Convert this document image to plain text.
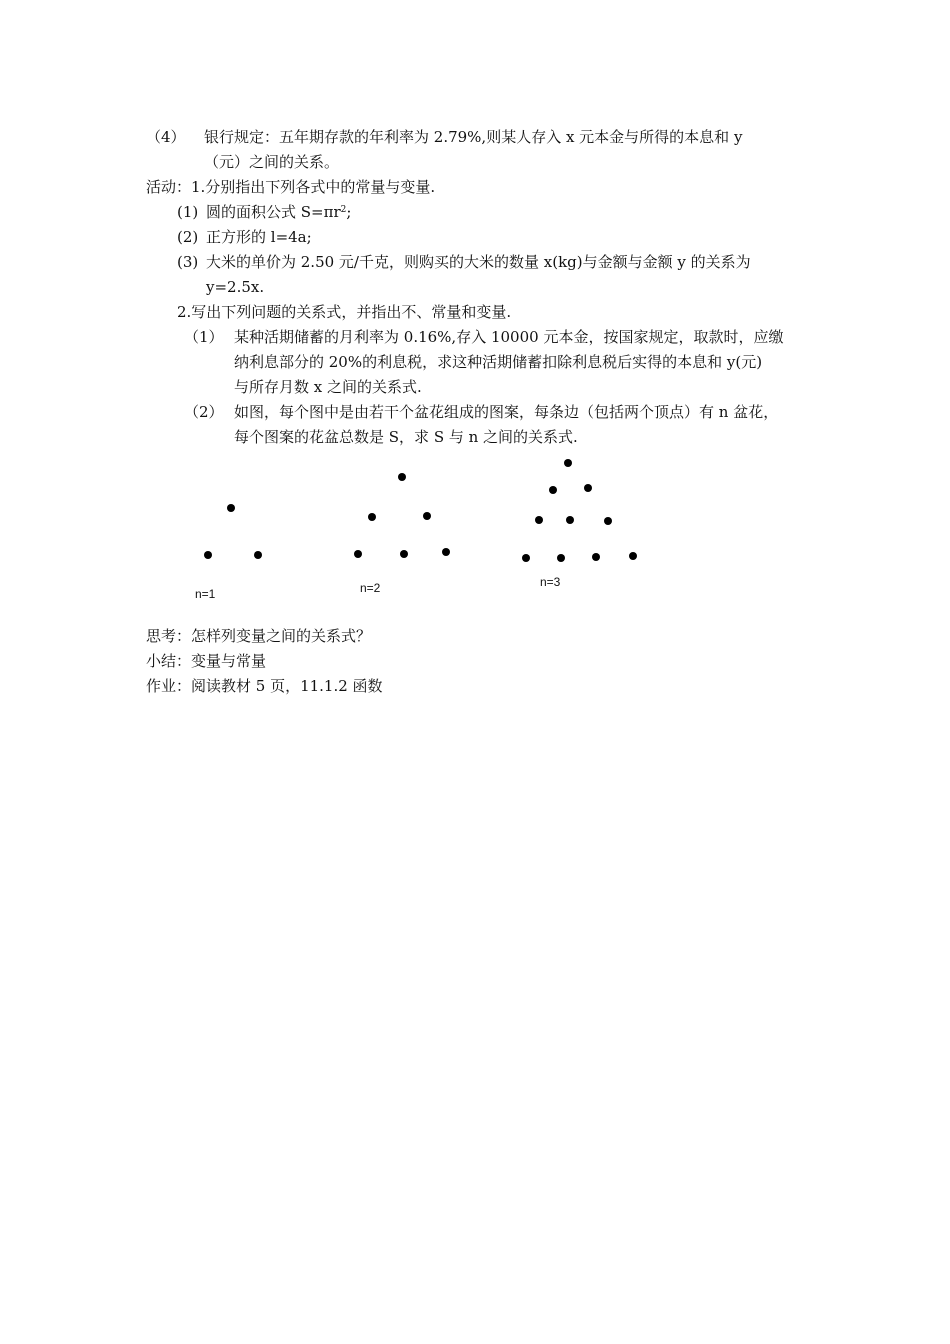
（4） 银行规定：五年期存款的年利率为 2.79%,则某人存入 x 元本金与所得的本息和 y
（元）之间的关系。
活动：1.分别指出下列各式中的常量与变量.
(1) 圆的面积公式 $S=\pi r^2$;
(2) 正方形的 l=4a;
(3) 大米的单价为 2.50 元/千克，则购买的大米的数量 x(kg)与金额与金额 y 的关系为
y=2.5x.
2.写出下列问题的关系式，并指出不、常量和变量.
（1） 某种活期储蓄的月利率为 0.16%,存入 10000 元本金，按国家规定，取款时，应缴
纳利息部分的 20%的利息税，求这种活期储蓄扣除利息税后实得的本息和 y(元)
与所存月数 x 之间的关系式.
（2） 如图，每个图中是由若干个盆花组成的图案，每条边（包括两个顶点）有 n 盆花，
每个图案的花盆总数是 S，求 S 与 n 之间的关系式.
n=1	n=2	n=3
思考：怎样列变量之间的关系式？
小结：变量与常量
作业：阅读教材 5 页，11.1.2 函数
